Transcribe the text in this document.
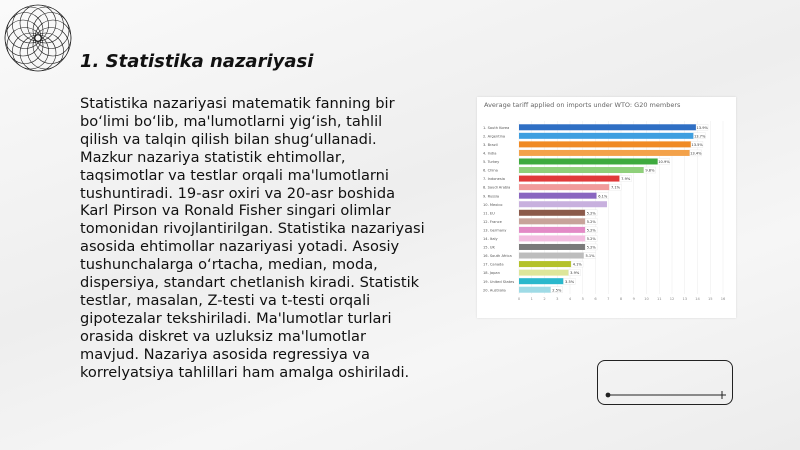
1. Statistika nazariyasi

Statistika nazariyasi matematik fanning bir bo‘limi bo‘lib, ma'lumotlarni yig‘ish, tahlil qilish va talqin qilish bilan shug‘ullanadi. Mazkur nazariya statistik ehtimollar, taqsimotlar va testlar orqali ma'lumotlarni tushuntiradi. 19-asr oxiri va 20-asr boshida Karl Pirson va Ronald Fisher singari olimlar tomonidan rivojlantirilgan. Statistika nazariyasi asosida ehtimollar nazariyasi yotadi. Asosiy tushunchalarga o‘rtacha, median, moda, dispersiya, standart chetlanish kiradi. Statistik testlar, masalan, Z-testi va t-testi orqali gipotezalar tekshiriladi. Ma'lumotlar turlari orasida diskret va uzluksiz ma'lumotlar mavjud. Nazariya asosida regressiya va korrelyatsiya tahlillari ham amalga oshiriladi.

Average tariff applied on imports under WTO: G20 members
0	1	2	3	4	5	6	7	8	9	10 11 12 13 14 15 16
1. South Korea	13.9%
2. Argentina	13.7%
3. Brazil	13.5%
4. India	13.4%
5. Turkey	10.9%
6. China	9.8%
7. Indonesia	7.9%
8. Saudi Arabia	7.1%
9. Russia	6.1%
10. Mexico
11. EU	5.2%
12. France	5.2%
13. Germany	5.2%
14. Italy	5.2%
15. UK	5.2%
16. South Africa	5.1%
17. Canada	4.1%
18. Japan	3.9%
19. United States	3.5%
20. Australia	2.5%
